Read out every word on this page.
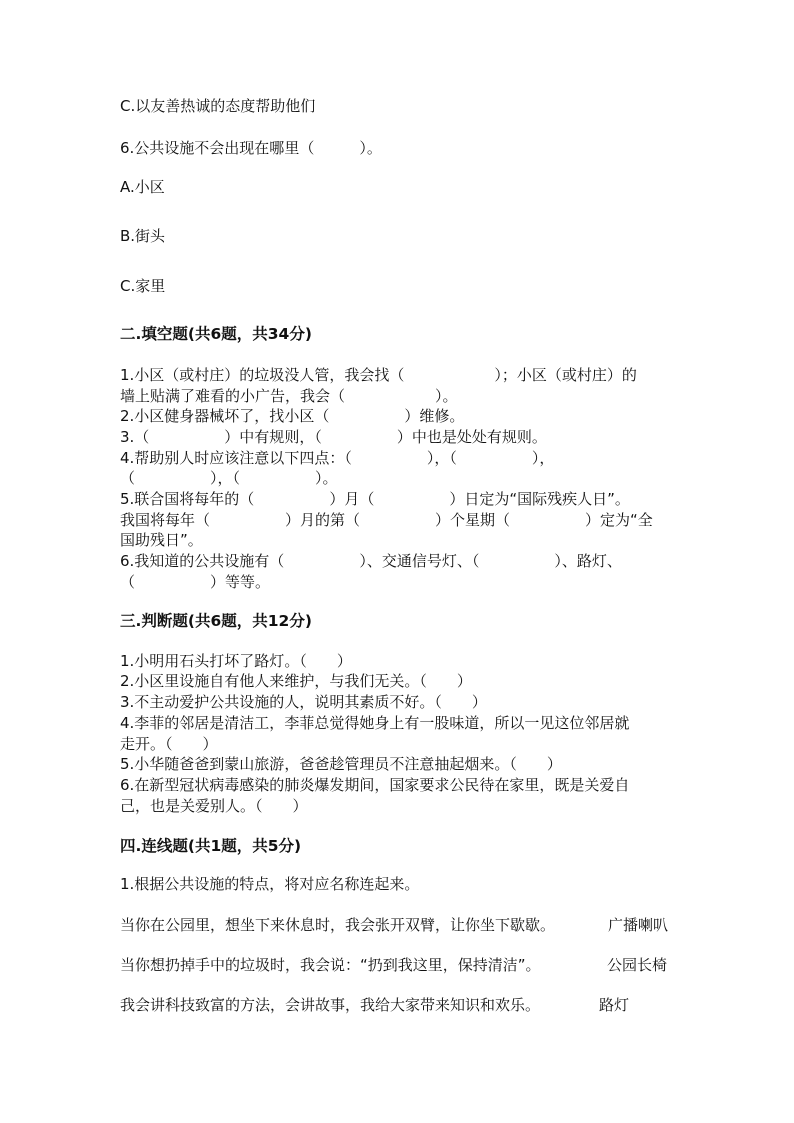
C.以友善热诚的态度帮助他们
6.公共设施不会出现在哪里（　　　）。
A.小区
B.街头
C.家里
二.填空题(共6题，共34分)
1.小区（或村庄）的垃圾没人管，我会找（　　　　　　）；小区（或村庄）的
墙上贴满了难看的小广告，我会（　　　　　　）。
2.小区健身器械坏了，找小区（　　　　　）维修。
3.（　　　　　）中有规则，（　　　　　）中也是处处有规则。
4.帮助别人时应该注意以下四点：（　　　　　），（　　　　　），
（　　　　　），（　　　　　）。
5.联合国将每年的（　　　　　）月（　　　　　）日定为“国际残疾人日”。
我国将每年（　　　　　）月的第（　　　　　）个星期（　　　　　）定为“全
国助残日”。
6.我知道的公共设施有（　　　　　）、交通信号灯、（　　　　　）、路灯、
（　　　　　）等等。
三.判断题(共6题，共12分)
1.小明用石头打坏了路灯。（　　）
2.小区里设施自有他人来维护，与我们无关。（　　）
3.不主动爱护公共设施的人，说明其素质不好。（　　）
4.李菲的邻居是清洁工，李菲总觉得她身上有一股味道，所以一见这位邻居就
走开。（　　）
5.小华随爸爸到蒙山旅游，爸爸趁管理员不注意抽起烟来。（　　）
6.在新型冠状病毒感染的肺炎爆发期间，国家要求公民待在家里，既是关爱自
己，也是关爱别人。（　　）
四.连线题(共1题，共5分)
1.根据公共设施的特点，将对应名称连起来。
当你在公园里，想坐下来休息时，我会张开双臂，让你坐下歇歇。	广播喇叭
当你想扔掉手中的垃圾时，我会说：“扔到我这里，保持清洁”。	公园长椅
我会讲科技致富的方法，会讲故事，我给大家带来知识和欢乐。	路灯
